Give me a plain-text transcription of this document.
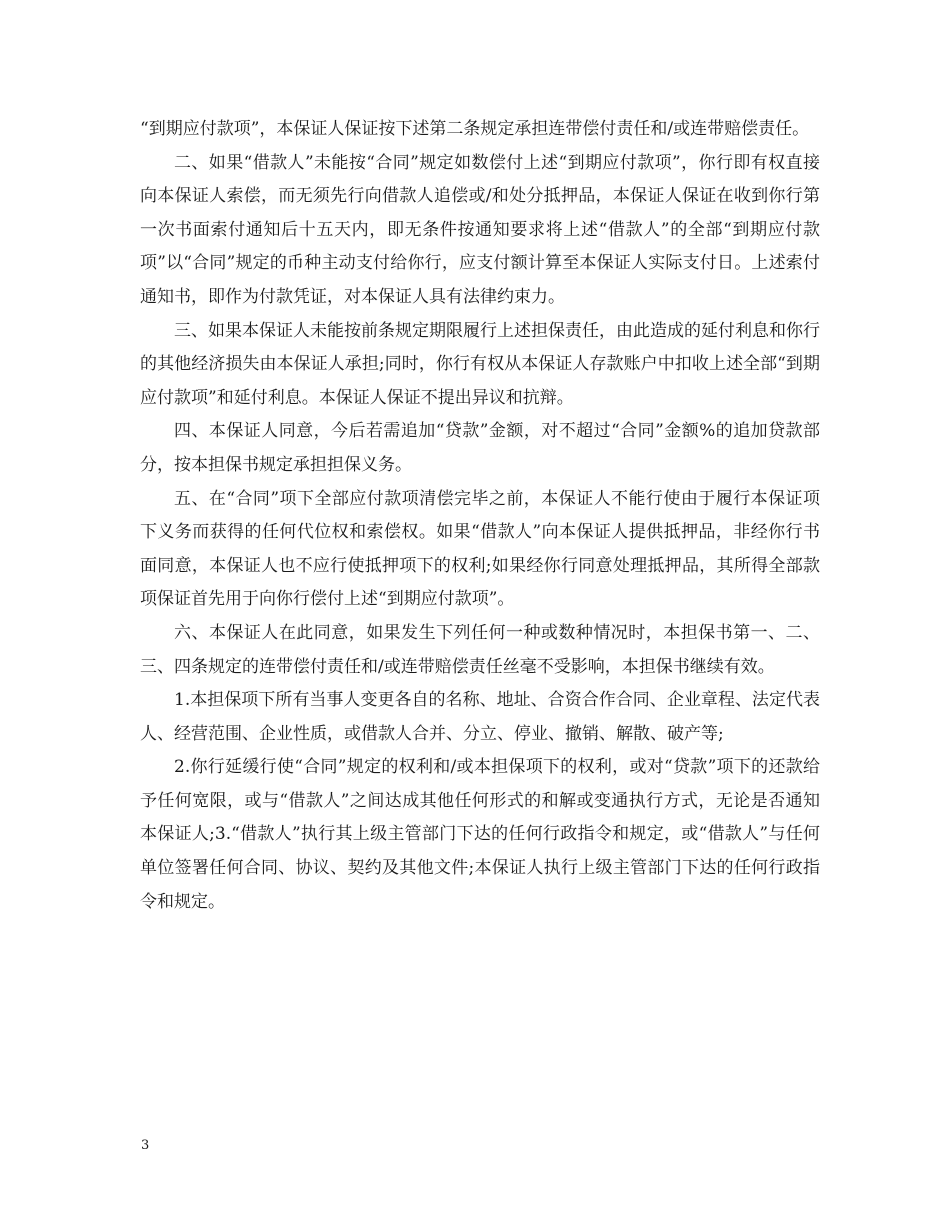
“到期应付款项”，本保证人保证按下述第二条规定承担连带偿付责任和/或连带赔偿责任。

二、如果“借款人”未能按“合同”规定如数偿付上述“到期应付款项”，你行即有权直接向本保证人索偿，而无须先行向借款人追偿或/和处分抵押品，本保证人保证在收到你行第一次书面索付通知后十五天内，即无条件按通知要求将上述“借款人”的全部“到期应付款项”以“合同”规定的币种主动支付给你行，应支付额计算至本保证人实际支付日。上述索付通知书，即作为付款凭证，对本保证人具有法律约束力。

三、如果本保证人未能按前条规定期限履行上述担保责任，由此造成的延付利息和你行的其他经济损失由本保证人承担;同时，你行有权从本保证人存款账户中扣收上述全部“到期应付款项”和延付利息。本保证人保证不提出异议和抗辩。

四、本保证人同意，今后若需追加“贷款”金额，对不超过“合同”金额%的追加贷款部分，按本担保书规定承担担保义务。

五、在“合同”项下全部应付款项清偿完毕之前，本保证人不能行使由于履行本保证项下义务而获得的任何代位权和索偿权。如果“借款人”向本保证人提供抵押品，非经你行书面同意，本保证人也不应行使抵押项下的权利;如果经你行同意处理抵押品，其所得全部款项保证首先用于向你行偿付上述“到期应付款项”。

六、本保证人在此同意，如果发生下列任何一种或数种情况时，本担保书第一、二、三、四条规定的连带偿付责任和/或连带赔偿责任丝毫不受影响，本担保书继续有效。

1.本担保项下所有当事人变更各自的名称、地址、合资合作合同、企业章程、法定代表人、经营范围、企业性质，或借款人合并、分立、停业、撤销、解散、破产等;

2.你行延缓行使“合同”规定的权利和/或本担保项下的权利，或对“贷款”项下的还款给予任何宽限，或与“借款人”之间达成其他任何形式的和解或变通执行方式，无论是否通知本保证人;3.“借款人”执行其上级主管部门下达的任何行政指令和规定，或“借款人”与任何单位签署任何合同、协议、契约及其他文件;本保证人执行上级主管部门下达的任何行政指令和规定。

3
